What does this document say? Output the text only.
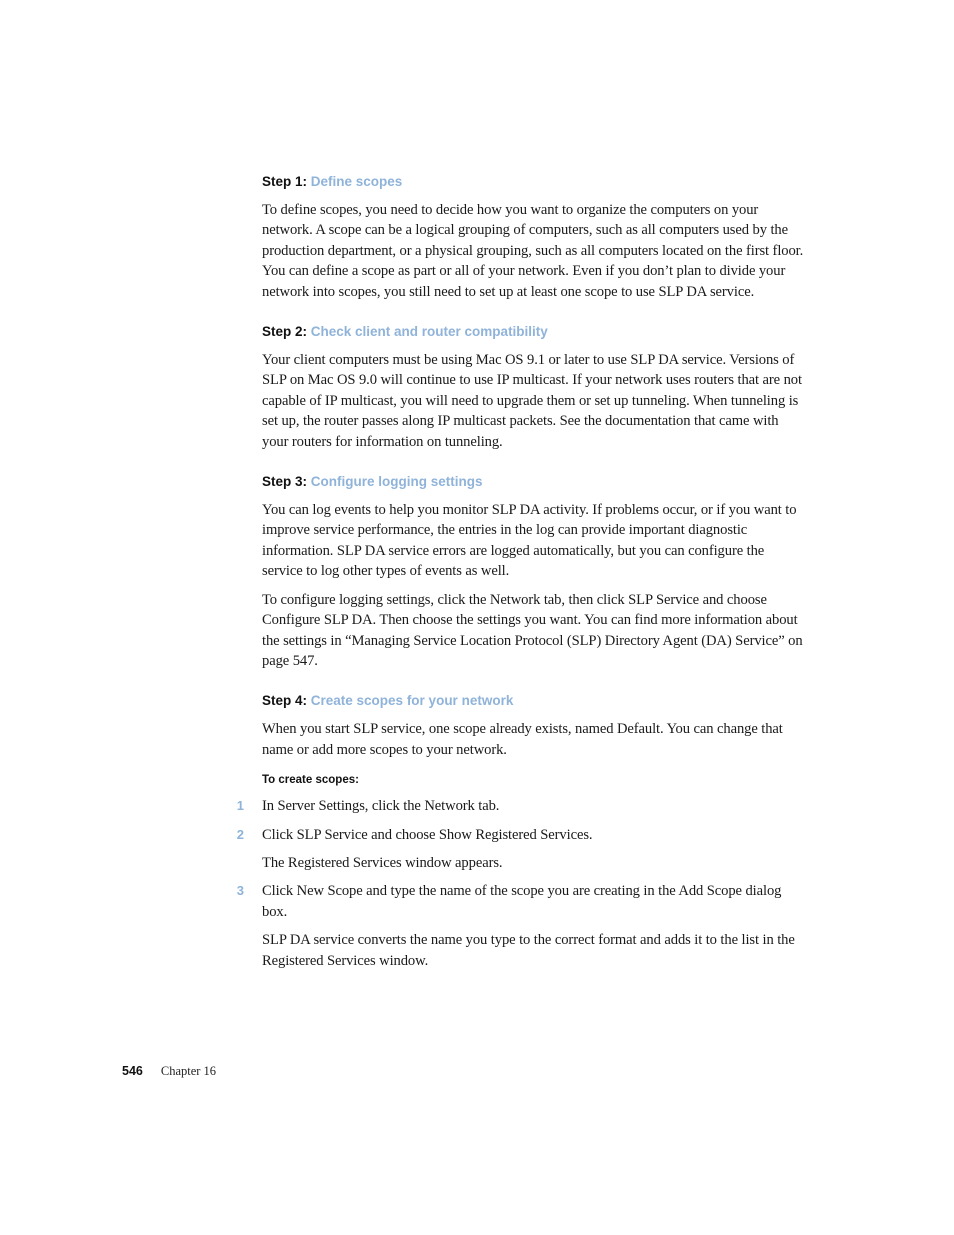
Step 1: Define scopes

To define scopes, you need to decide how you want to organize the computers on your network. A scope can be a logical grouping of computers, such as all computers used by the production department, or a physical grouping, such as all computers located on the first floor. You can define a scope as part or all of your network. Even if you don’t plan to divide your network into scopes, you still need to set up at least one scope to use SLP DA service.

Step 2: Check client and router compatibility

Your client computers must be using Mac OS 9.1 or later to use SLP DA service. Versions of SLP on Mac OS 9.0 will continue to use IP multicast. If your network uses routers that are not capable of IP multicast, you will need to upgrade them or set up tunneling. When tunneling is set up, the router passes along IP multicast packets. See the documentation that came with your routers for information on tunneling.

Step 3: Configure logging settings

You can log events to help you monitor SLP DA activity. If problems occur, or if you want to improve service performance, the entries in the log can provide important diagnostic information. SLP DA service errors are logged automatically, but you can configure the service to log other types of events as well.

To configure logging settings, click the Network tab, then click SLP Service and choose Configure SLP DA. Then choose the settings you want. You can find more information about the settings in “Managing Service Location Protocol (SLP) Directory Agent (DA) Service” on page 547.

Step 4: Create scopes for your network

When you start SLP service, one scope already exists, named Default. You can change that name or add more scopes to your network.

To create scopes:
1 In Server Settings, click the Network tab.

2 Click SLP Service and choose Show Registered Services.

The Registered Services window appears.

3 Click New Scope and type the name of the scope you are creating in the Add Scope dialog box.

SLP DA service converts the name you type to the correct format and adds it to the list in the Registered Services window.

546 Chapter 16
